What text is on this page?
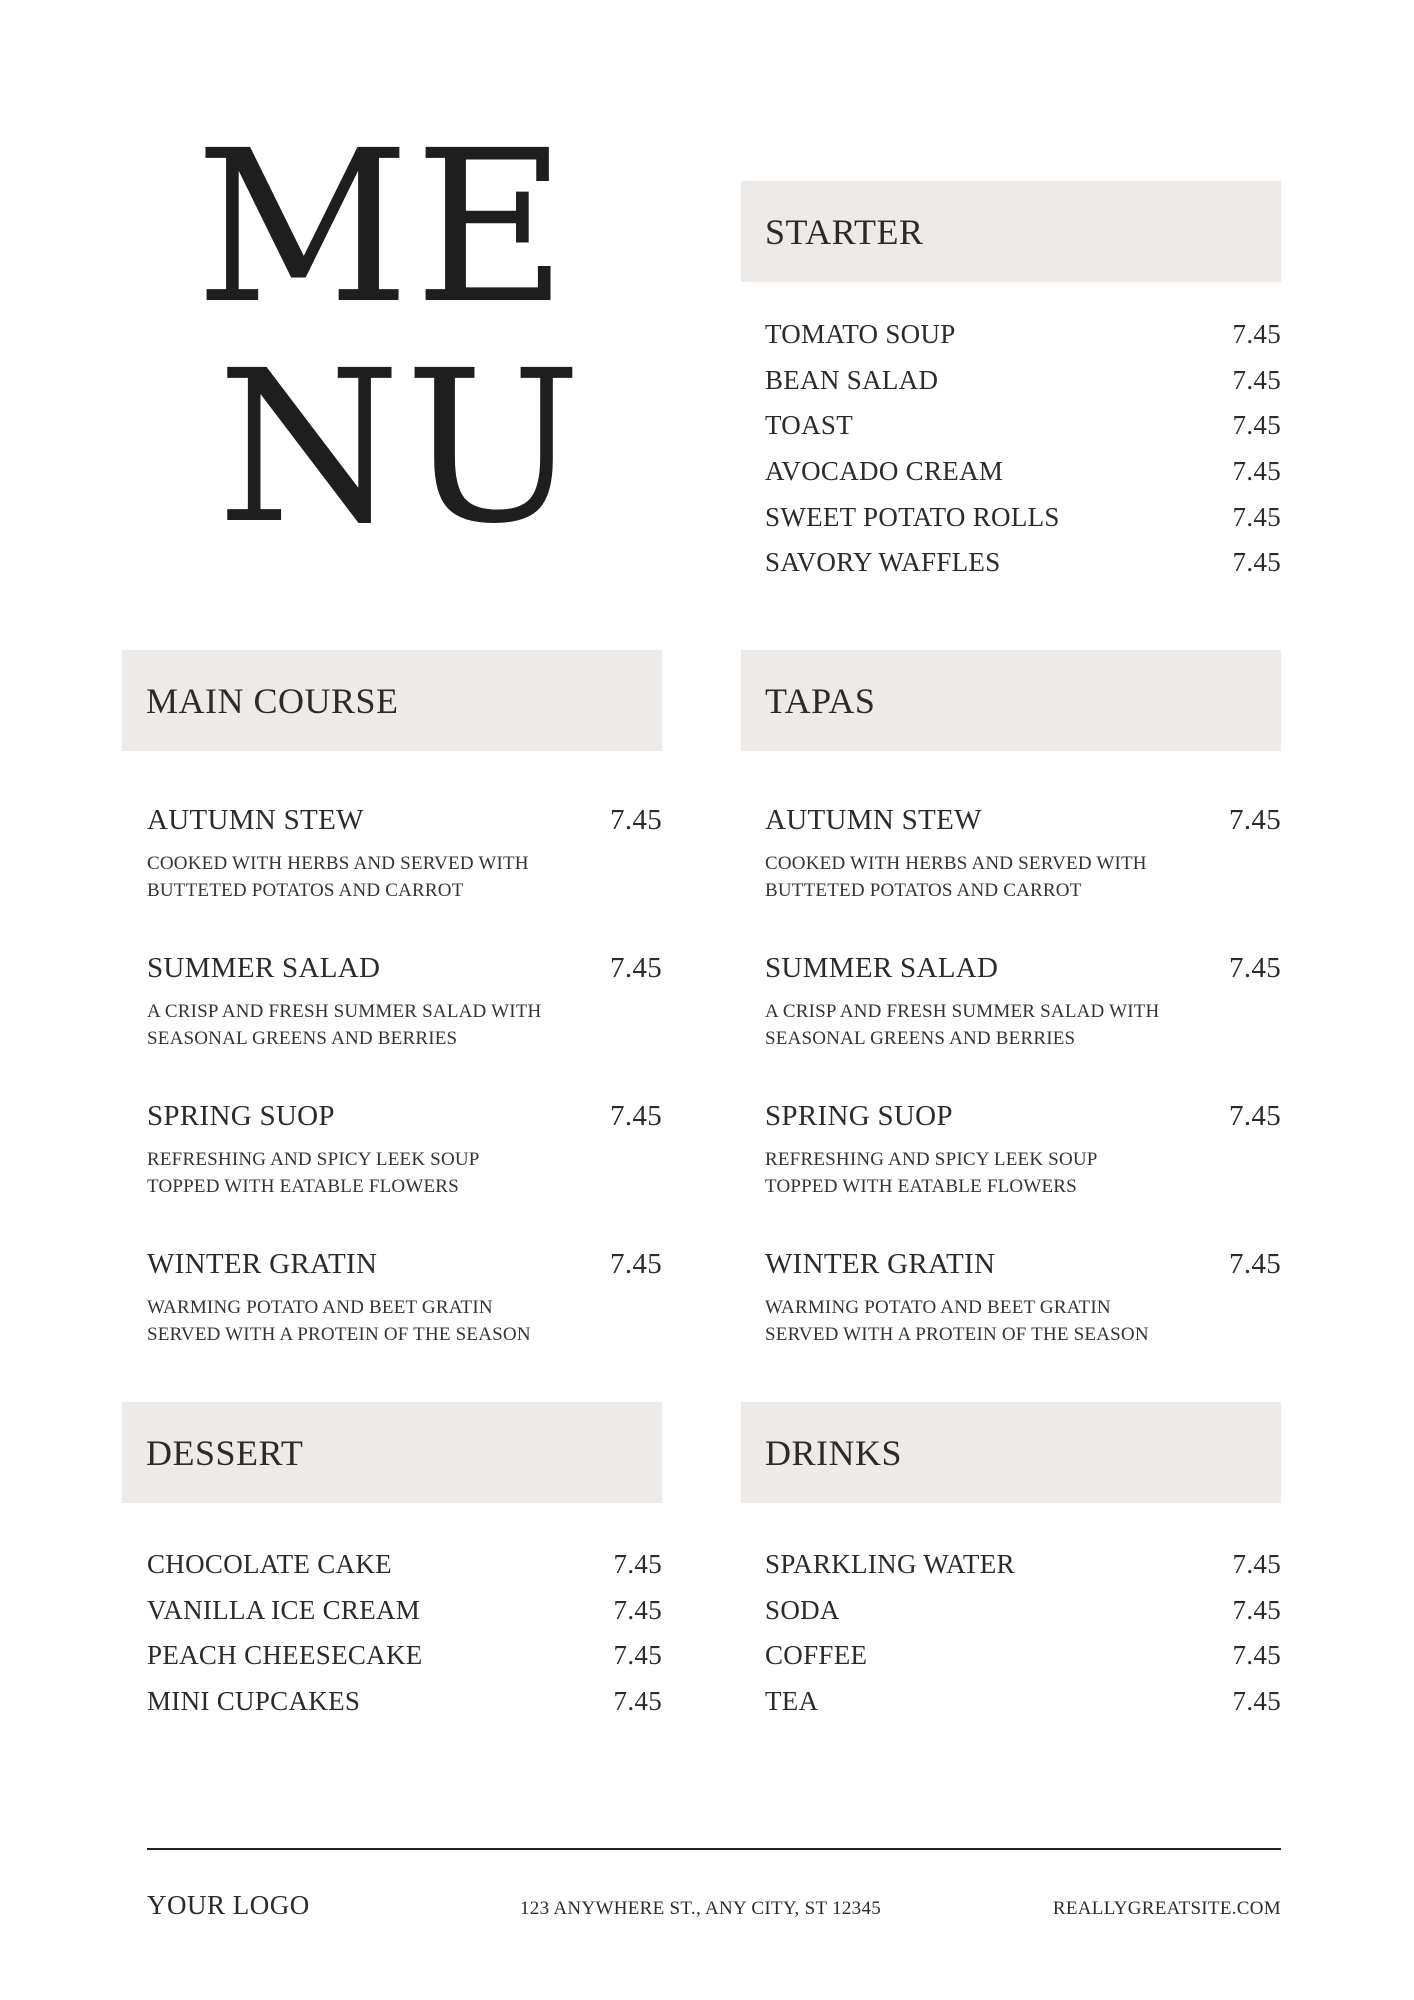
ME
NU
STARTER
TOMATO SOUP	7.45
BEAN SALAD	7.45
TOAST	7.45
AVOCADO CREAM	7.45
SWEET POTATO ROLLS	7.45
SAVORY WAFFLES	7.45
MAIN COURSE
AUTUMN STEW	7.45
COOKED WITH HERBS AND SERVED WITH
BUTTETED POTATOS AND CARROT
SUMMER SALAD	7.45
A CRISP AND FRESH SUMMER SALAD WITH
SEASONAL GREENS AND BERRIES
SPRING SUOP	7.45
REFRESHING AND SPICY LEEK SOUP
TOPPED WITH EATABLE FLOWERS
WINTER GRATIN	7.45
WARMING POTATO AND BEET GRATIN
SERVED WITH A PROTEIN OF THE SEASON
TAPAS
AUTUMN STEW	7.45
COOKED WITH HERBS AND SERVED WITH
BUTTETED POTATOS AND CARROT
SUMMER SALAD	7.45
A CRISP AND FRESH SUMMER SALAD WITH
SEASONAL GREENS AND BERRIES
SPRING SUOP	7.45
REFRESHING AND SPICY LEEK SOUP
TOPPED WITH EATABLE FLOWERS
WINTER GRATIN	7.45
WARMING POTATO AND BEET GRATIN
SERVED WITH A PROTEIN OF THE SEASON
DESSERT
CHOCOLATE CAKE	7.45
VANILLA ICE CREAM	7.45
PEACH CHEESECAKE	7.45
MINI CUPCAKES	7.45
DRINKS
SPARKLING WATER	7.45
SODA	7.45
COFFEE	7.45
TEA	7.45
YOUR LOGO	123 ANYWHERE ST., ANY CITY, ST 12345	REALLYGREATSITE.COM
